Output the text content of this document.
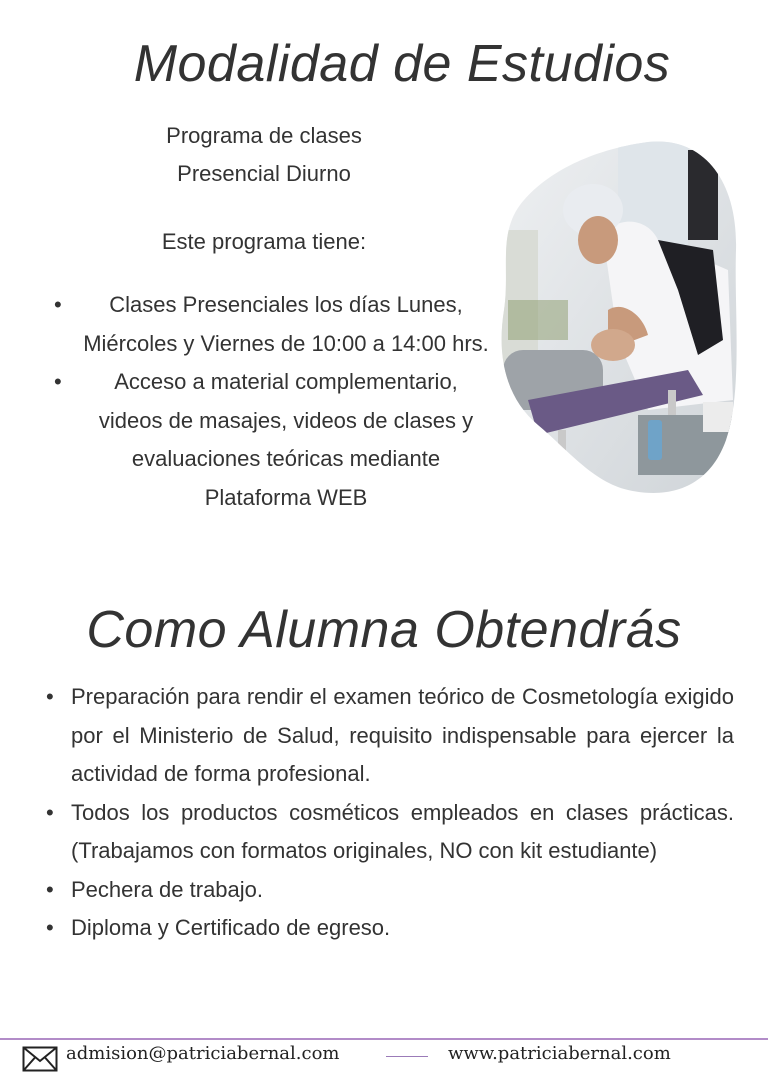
Modalidad de Estudios

Programa de clases
Presencial Diurno

Este programa tiene:

• Clases Presenciales los días Lunes, Miércoles y Viernes de 10:00 a 14:00 hrs.
• Acceso a material complementario, videos de masajes, videos de clases y evaluaciones teóricas mediante Plataforma WEB
Como Alumna Obtendrás
• Preparación para rendir el examen teórico de Cosmetología exigido por el Ministerio de Salud, requisito indispensable para ejercer la actividad de forma profesional.
• Todos los productos cosméticos empleados en clases prácticas. (Trabajamos con formatos originales, NO con kit estudiante)
• Pechera de trabajo.
• Diploma y Certificado de egreso.
admision@patriciabernal.com	www.patriciabernal.com
